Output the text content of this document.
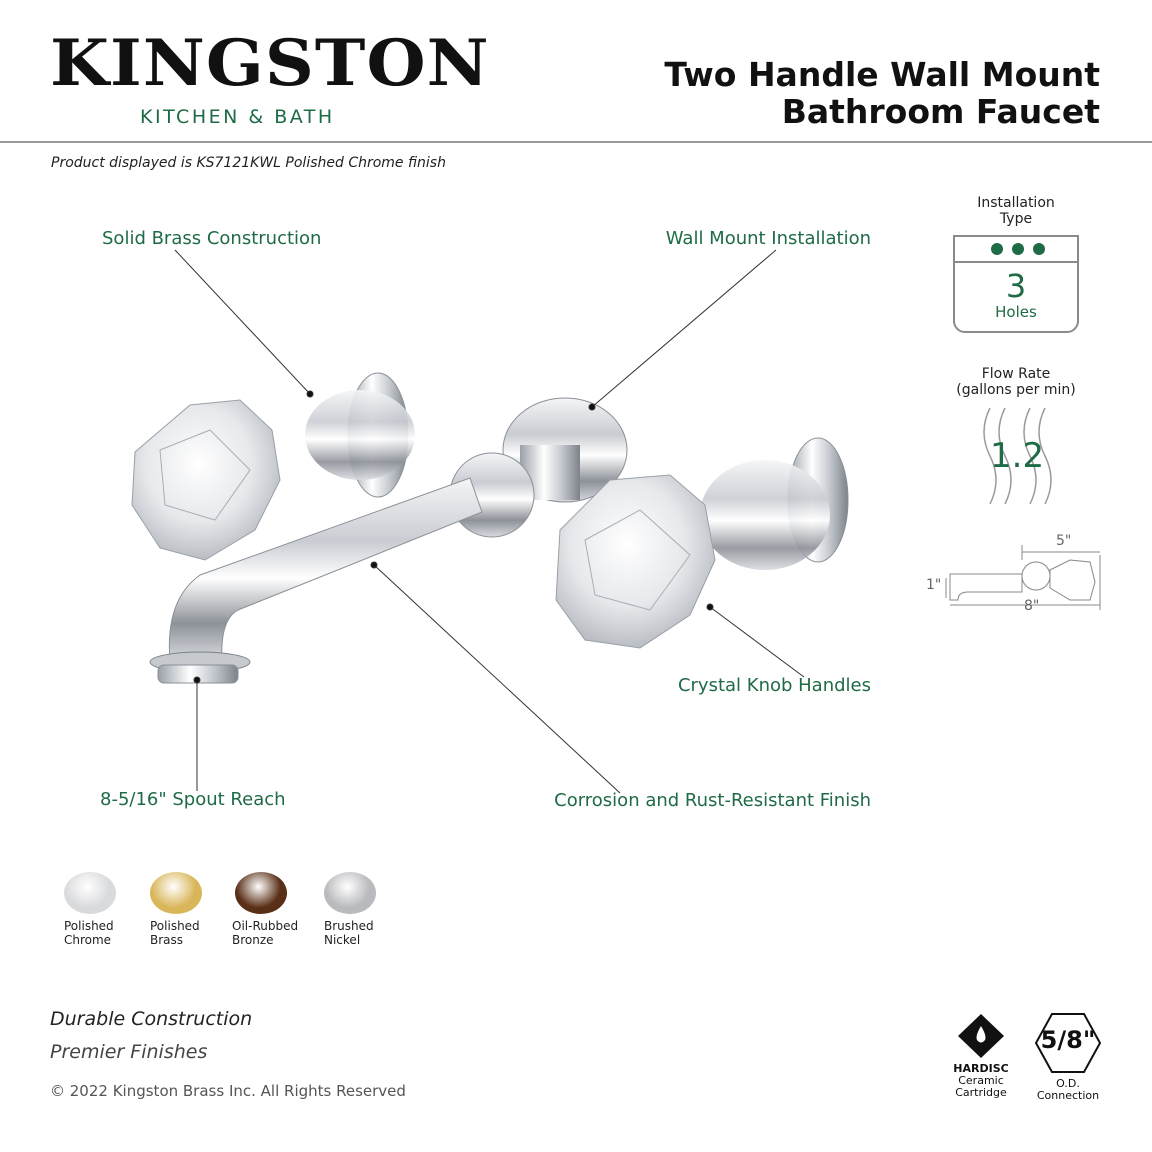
KINGSTON
KITCHEN & BATH
Two Handle Wall Mount
Bathroom Faucet
Product displayed is KS7121KWL Polished Chrome finish
Solid Brass Construction	Wall Mount Installation
Crystal Knob Handles
8-5/16" Spout Reach	Corrosion and Rust-Resistant Finish
Installation
Type
3
Holes
Flow Rate
(gallons per min)
1.2
5"
1"
8"
Polished
Chrome
Polished
Brass
Oil-Rubbed
Bronze
Brushed
Nickel
Durable Construction
Premier Finishes
© 2022 Kingston Brass Inc. All Rights Reserved
HARDISC
Ceramic
Cartridge
5/8"
O.D.
Connection
